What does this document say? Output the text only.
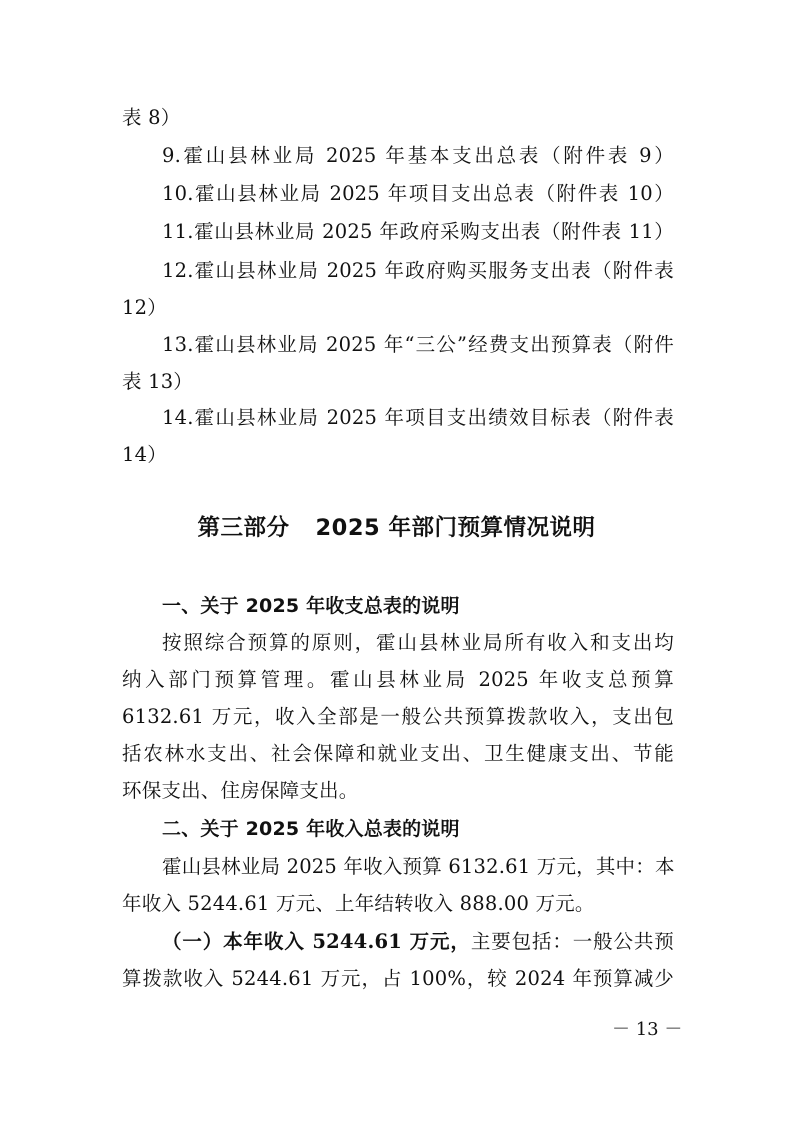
表 8）
9.霍山县林业局 2025 年基本支出总表（附件表 9）
10.霍山县林业局 2025 年项目支出总表（附件表 10）
11.霍山县林业局 2025 年政府采购支出表（附件表 11）
12.霍山县林业局 2025 年政府购买服务支出表（附件表
12）
13.霍山县林业局 2025 年“三公”经费支出预算表（附件
表 13）
14.霍山县林业局 2025 年项目支出绩效目标表（附件表
14）
第三部分 2025 年部门预算情况说明
一、关于 2025 年收支总表的说明
按照综合预算的原则，霍山县林业局所有收入和支出均
纳入部门预算管理。霍山县林业局 2025 年收支总预算
6132.61 万元，收入全部是一般公共预算拨款收入，支出包
括农林水支出、社会保障和就业支出、卫生健康支出、节能
环保支出、住房保障支出。
二、关于 2025 年收入总表的说明
霍山县林业局 2025 年收入预算 6132.61 万元，其中：本
年收入 5244.61 万元、上年结转收入 888.00 万元。
（一）本年收入 5244.61 万元，主要包括：一般公共预
算拨款收入 5244.61 万元，占 100%，较 2024 年预算减少
－ 13 －
